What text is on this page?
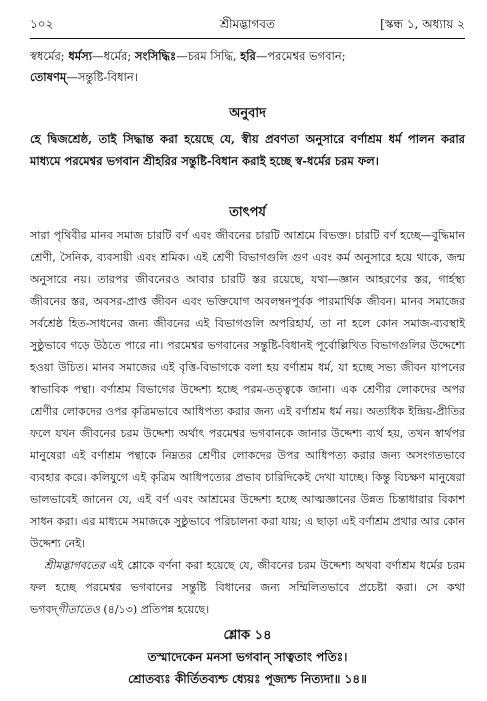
১০২	শ্রীমদ্ভাগবত	[স্কন্ধ ১, অধ্যায় ২
স্বধর্মের; ধর্মস্য—ধর্মের; সংসিদ্ধিঃ—চরম সিদ্ধি, হরি—পরমেশ্বর ভগবান;
তোষণম্—সন্তুষ্টি-বিধান।
অনুবাদ
হে দ্বিজশ্রেষ্ঠ, তাই সিদ্ধান্ত করা হয়েছে যে, স্বীয় প্রবণতা অনুসারে বর্ণাশ্রম ধর্ম পালন করার মাধ্যমে পরমেশ্বর ভগবান শ্রীহরির সন্তুষ্টি-বিধান করাই হচ্ছে স্ব-ধর্মের চরম ফল।
তাৎপর্য

সারা পৃথিবীর মানব সমাজ চারটি বর্ণ এবং জীবনের চারটি আশ্রমে বিভক্ত। চারটি বর্ণ হচ্ছে—বুদ্ধিমান শ্রেণী, সৈনিক, ব্যবসায়ী এবং শ্রমিক। এই শ্রেণী বিভাগগুলি গুণ এবং কর্ম অনুসারে হয়ে থাকে, জন্ম অনুসারে নয়। তারপর জীবনেরও আবার চারটি স্তর রয়েছে, যথা—জ্ঞান আহরণের স্তর, গার্হস্থ্য জীবনের স্তর, অবসর-প্রাপ্ত জীবন এবং ভক্তিযোগ অবলম্বনপূর্বক পারমার্থিক জীবন। মানব সমাজের সর্বশ্রেষ্ঠ হিত-সাধনের জন্য জীবনের এই বিভাগগুলি অপরিহার্য, তা না হলে কোন সমাজ-ব্যবস্থাই সুষ্ঠুভাবে গড়ে উঠতে পারে না। পরমেশ্বর ভগবানের সন্তুষ্টি-বিধানই পূর্বোল্লিখিত বিভাগগুলির উদ্দেশ্যে হওয়া উচিত। মানব সমাজের এই বৃত্তি-বিভাগকে বলা হয় বর্ণাশ্রম ধর্ম, যা হচ্ছে সভ্য জীবন যাপনের স্বাভাবিক পন্থা। বর্ণাশ্রম বিভাগের উদ্দেশ্য হচ্ছে পরম-তত্ত্বকে জানা। এক শ্রেণীর লোকদের অপর শ্রেণীর লোকদের ওপর কৃত্রিমভাবে আধিপত্য করার জন্য এই বর্ণাশ্রম ধর্ম নয়। অত্যধিক ইন্দ্রিয়-প্রীতির ফলে যখন জীবনের চরম উদ্দেশ্য অর্থাৎ পরমেশ্বর ভগবানকে জানার উদ্দেশ্য ব্যর্থ হয়, তখন স্বার্থপর মানুষেরা এই বর্ণাশ্রম পন্থাকে নিম্নতর শ্রেণীর লোকদের উপর আধিপত্য করার জন্য অসংগতভাবে ব্যবহার করে। কলিযুগে এই কৃত্রিম আধিপত্যের প্রভাব চারিদিকেই দেখা যাচ্ছে। কিন্তু বিচক্ষণ মানুষেরা ভালভাবেই জানেন যে, এই বর্ণ এবং আশ্রমের উদ্দেশ্য হচ্ছে আত্মজ্ঞানের উন্নত চিন্তাধারার বিকাশ সাধন করা। এর মাধ্যমে সমাজকে সুষ্ঠুভাবে পরিচালনা করা যায়; এ ছাড়া এই বর্ণাশ্রম প্রথার আর কোন উদ্দেশ্য নেই।

শ্রীমদ্ভাগবতের এই শ্লোকে বর্ণনা করা হয়েছে যে, জীবনের চরম উদ্দেশ্য অথবা বর্ণাশ্রম ধর্মের চরম ফল হচ্ছে পরমেশ্বর ভগবানের সন্তুষ্টি বিধানের জন্য সম্মিলিতভাবে প্রচেষ্টা করা। সে কথা ভগবদ্গীতাতেও (৪/১৩) প্রতিপন্ন হয়েছে।

শ্লোক ১৪
তস্মাদেকেন মনসা ভগবান্ সাত্বতাং পতিঃ।
শ্রোতব্যঃ কীর্তিতব্যশ্চ ধ্যেয়ঃ পূজ্যশ্চ নিত্যদা॥ ১৪॥
